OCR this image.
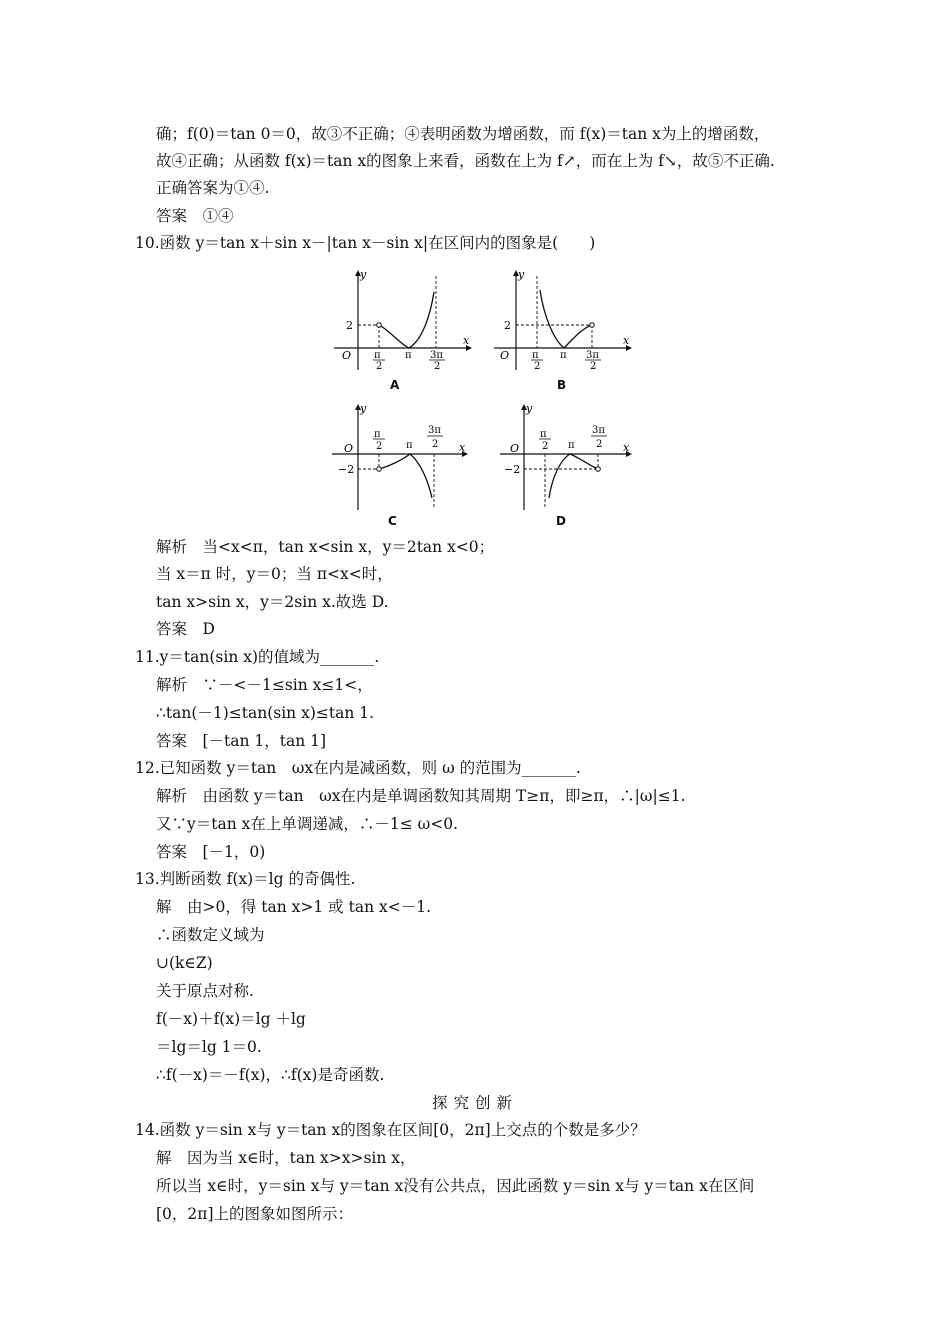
确；f(0)＝tan 0＝0，故③不正确；④表明函数为增函数，而 f(x)＝tan x为上的增函数，
故④正确；从函数 f(x)＝tan x的图象上来看，函数在上为 f↗，而在上为 f↘，故⑤不正确.
正确答案为①④.
答案　①④
10.函数 y＝tan x＋sin x－|tan x－sin x|在区间内的图象是(　　)
y
x
O
2
π
2
π 3π
2
A
y
x
O
2
π
2
π 3π
2
B
y
x
O
−2
π
2 π
3π
2
C
y
x
O
−2
π
2 π
3π
2
D
解析　当<x<π，tan x<sin x，y＝2tan x<0；
当 x＝π 时，y＝0；当 π<x<时，
tan x>sin x，y＝2sin x.故选 D.
答案　D
11.y＝tan(sin x)的值域为_______.
解析　∵－<－1≤sin x≤1<，
∴tan(－1)≤tan(sin x)≤tan 1.
答案　[－tan 1，tan 1]
12.已知函数 y＝tan　ωx在内是减函数，则 ω 的范围为_______.
解析　由函数 y＝tan　ωx在内是单调函数知其周期 T≥π，即≥π，∴|ω|≤1.
又∵y＝tan x在上单调递减，∴－1≤ ω<0.
答案　[－1，0)
13.判断函数 f(x)＝lg 的奇偶性.
解　由>0，得 tan x>1 或 tan x<－1.
∴函数定义域为
∪(k∈Z)
关于原点对称.
f(－x)＋f(x)＝lg ＋lg
＝lg＝lg 1＝0.
∴f(－x)＝－f(x)，∴f(x)是奇函数.
探究创新
14.函数 y＝sin x与 y＝tan x的图象在区间[0，2π]上交点的个数是多少？
解　因为当 x∈时，tan x>x>sin x，
所以当 x∈时，y＝sin x与 y＝tan x没有公共点，因此函数 y＝sin x与 y＝tan x在区间
[0，2π]上的图象如图所示：
